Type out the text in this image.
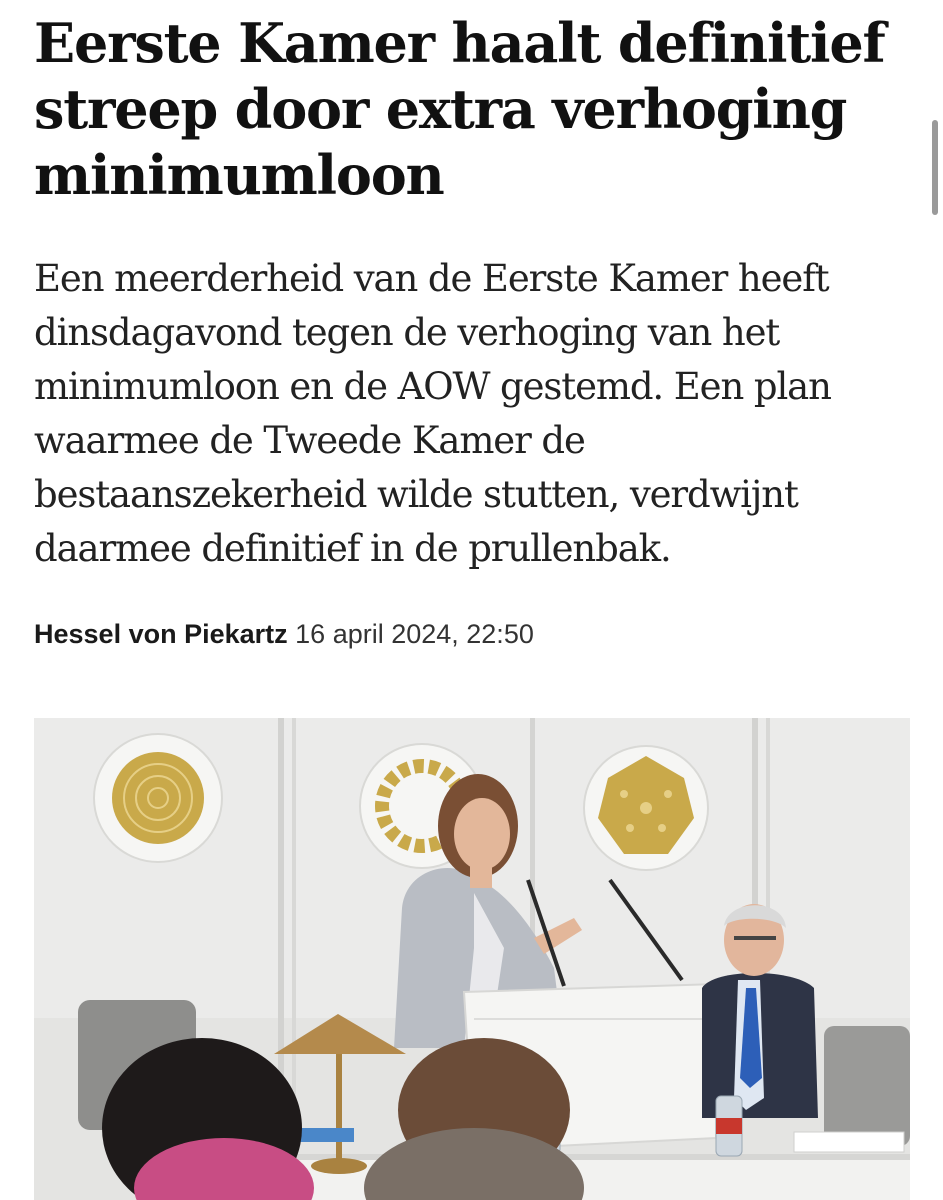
Eerste Kamer haalt definitief streep door extra verhoging minimumloon

Een meerderheid van de Eerste Kamer heeft dinsdagavond tegen de verhoging van het minimumloon en de AOW gestemd. Een plan waarmee de Tweede Kamer de bestaanszekerheid wilde stutten, verdwijnt daarmee definitief in de prullenbak.

Hessel von Piekartz 16 april 2024, 22:50
